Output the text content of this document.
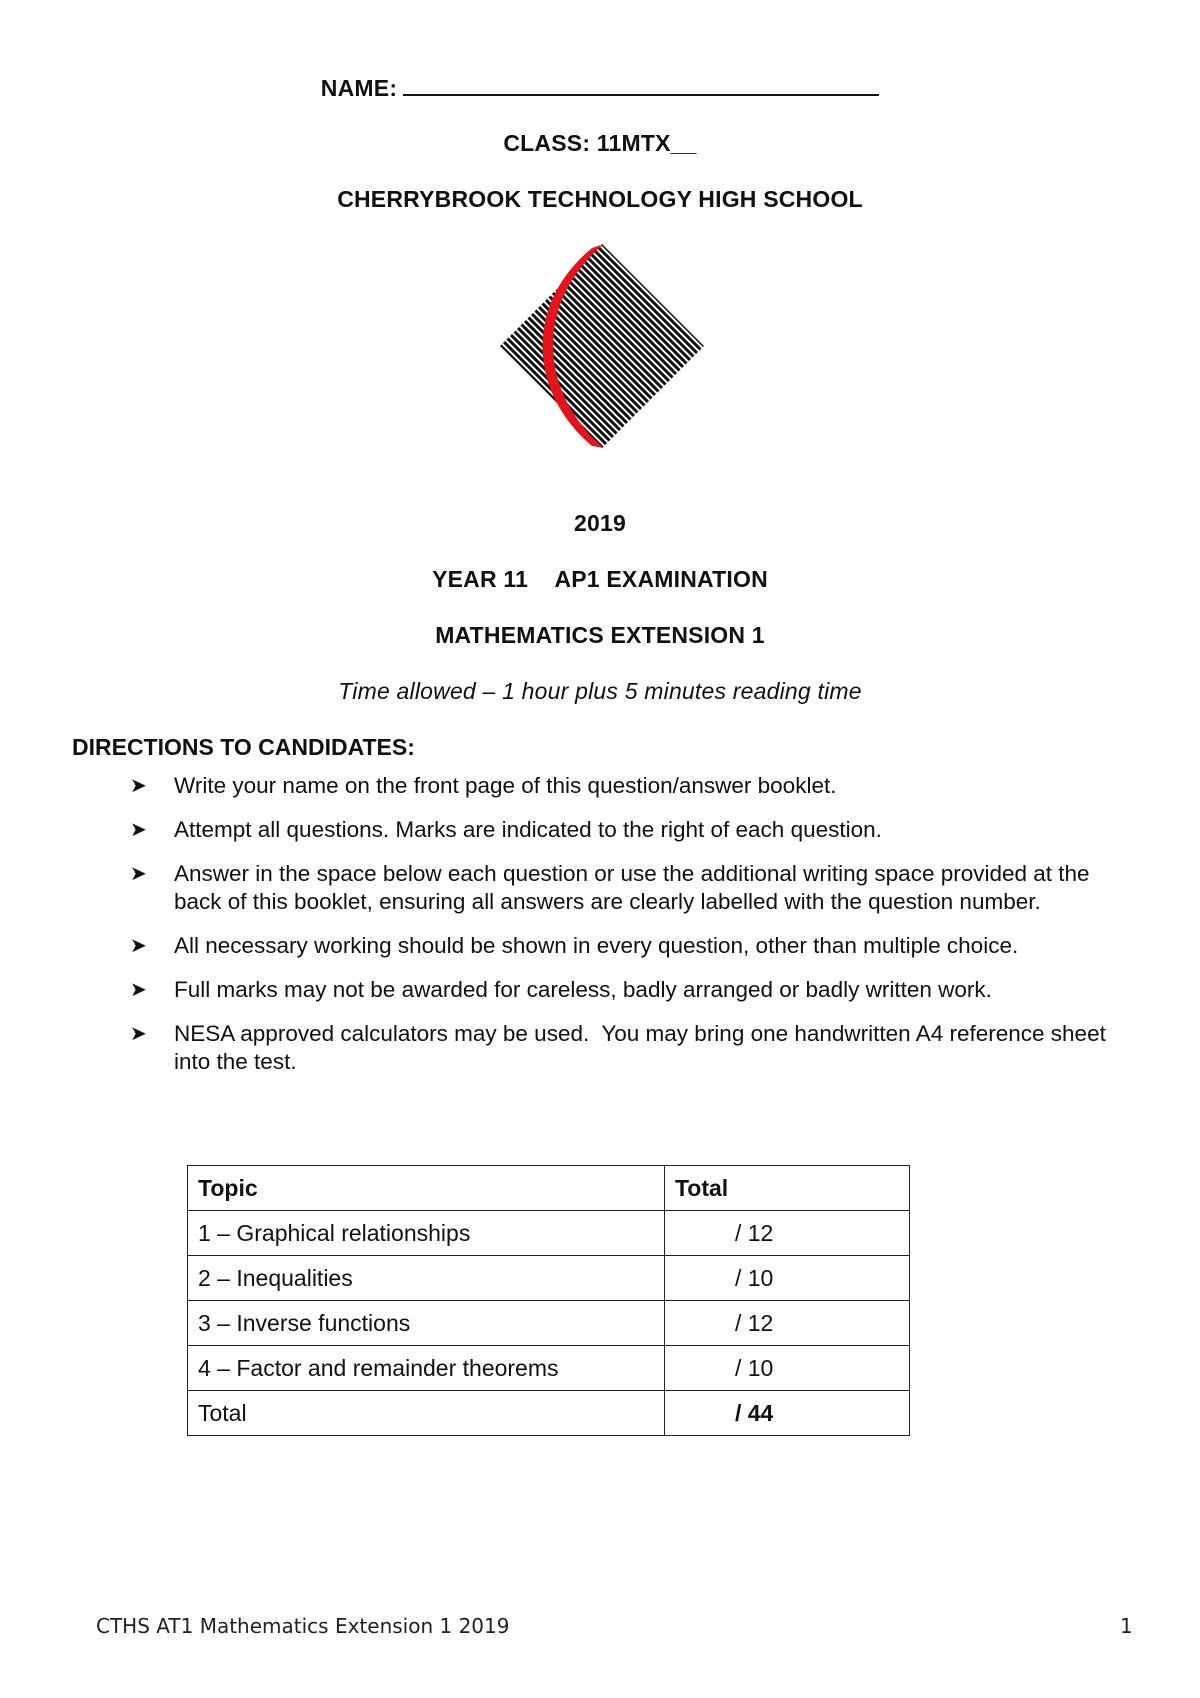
NAME:
CLASS: 11MTX__
CHERRYBROOK TECHNOLOGY HIGH SCHOOL
2019
YEAR 11    AP1 EXAMINATION
MATHEMATICS EXTENSION 1
Time allowed – 1 hour plus 5 minutes reading time
DIRECTIONS TO CANDIDATES:
➤ Write your name on the front page of this question/answer booklet.
➤ Attempt all questions. Marks are indicated to the right of each question.
➤ Answer in the space below each question or use the additional writing space provided at the back of this booklet, ensuring all answers are clearly labelled with the question number.
➤ All necessary working should be shown in every question, other than multiple choice.
➤ Full marks may not be awarded for careless, badly arranged or badly written work.
➤ NESA approved calculators may be used.  You may bring one handwritten A4 reference sheet into the test.
Topic	Total
1 – Graphical relationships	/ 12
2 – Inequalities	/ 10
3 – Inverse functions	/ 12
4 – Factor and remainder theorems	/ 10
Total	/ 44
CTHS AT1 Mathematics Extension 1 2019	1
